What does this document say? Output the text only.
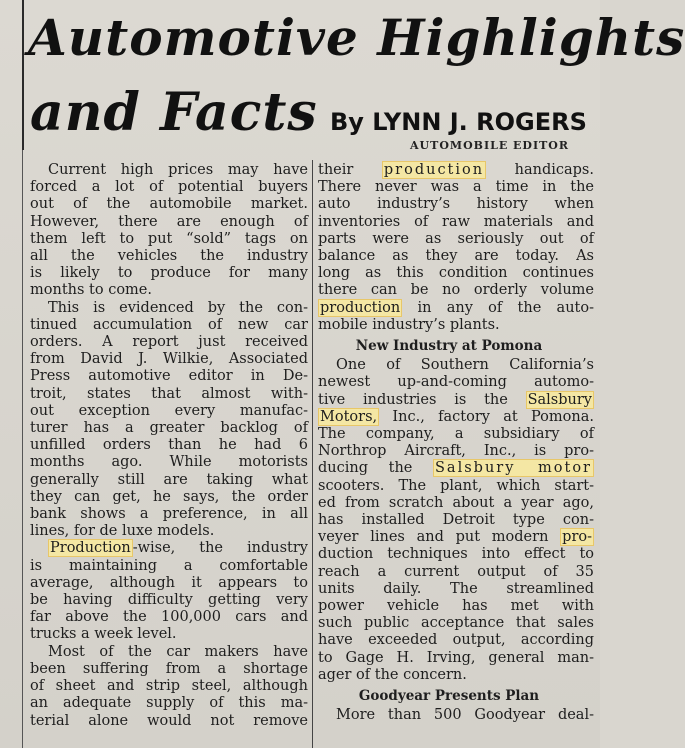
Automotive Highlights
and Facts By LYNN J. ROGERS
AUTOMOBILE EDITOR
Current high prices may have
forced a lot of potential buyers
out of the automobile market.
However, there are enough of
them left to put “sold” tags on
all the vehicles the industry
is likely to produce for many
months to come.
This is evidenced by the con-
tinued accumulation of new car
orders. A report just received
from David J. Wilkie, Associated
Press automotive editor in De-
troit, states that almost with-
out exception every manufac-
turer has a greater backlog of
unfilled orders than he had 6
months ago. While motorists
generally still are taking what
they can get, he says, the order
bank shows a preference, in all
lines, for de luxe models.
Production -wise, the industry
is maintaining a comfortable
average, although it appears to
be having difficulty getting very
far above the 100,000 cars and
trucks a week level.
Most of the car makers have
been suffering from a shortage
of sheet and strip steel, although
an adequate supply of this ma-
terial alone would not remove
their production handicaps.
There never was a time in the
auto industry’s history when
inventories of raw materials and
parts were as seriously out of
balance as they are today. As
long as this condition continues
there can be no orderly volume
production in any of the auto-
mobile industry’s plants.
New Industry at Pomona
One of Southern California’s
newest up-and-coming automo-
tive industries is the Salsbury
Motors, Inc., factory at Pomona.
The company, a subsidiary of
Northrop Aircraft, Inc., is pro-
ducing the Salsbury motor
scooters. The plant, which start-
ed from scratch about a year ago,
has installed Detroit type con-
veyer lines and put modern pro-
duction techniques into effect to
reach a current output of 35
units daily. The streamlined
power vehicle has met with
such public acceptance that sales
have exceeded output, according
to Gage H. Irving, general man-
ager of the concern.
Goodyear Presents Plan
More than 500 Goodyear deal-
